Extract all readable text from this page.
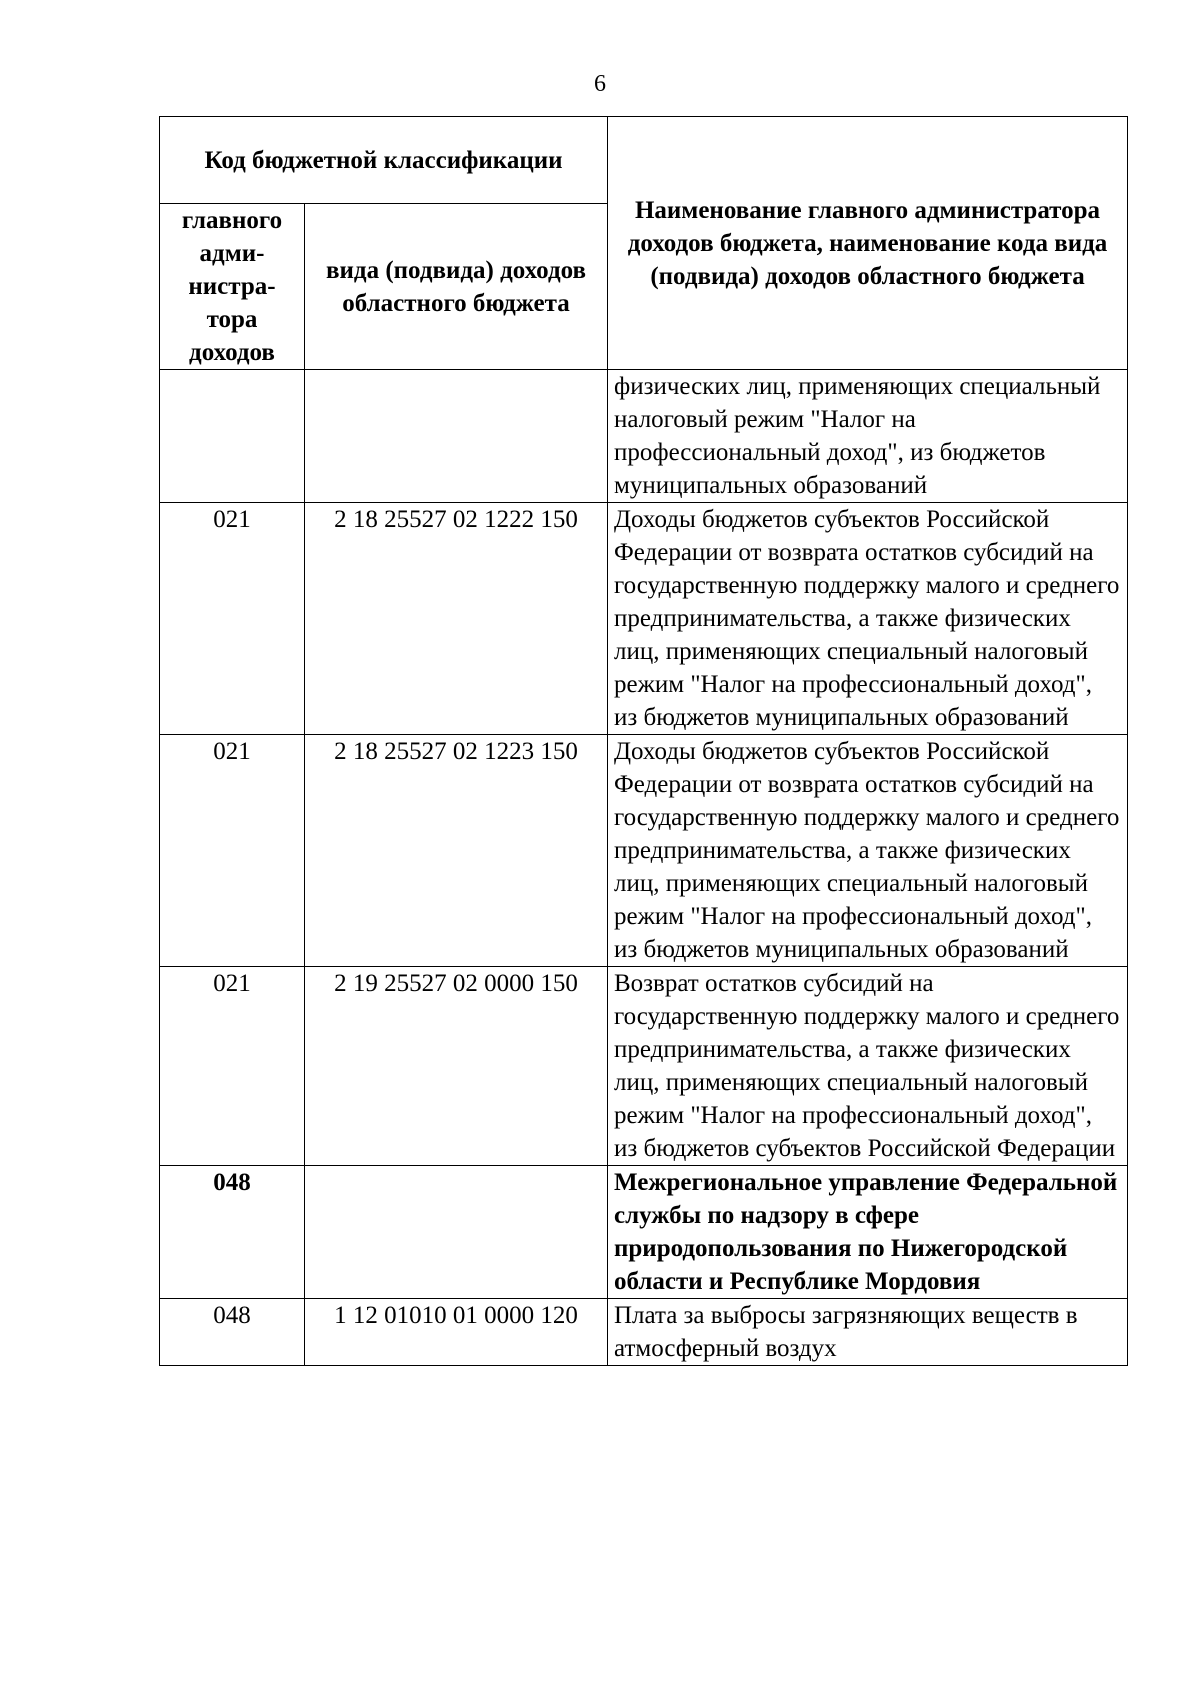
6
Код бюджетной классификации		Наименование главного администратора доходов бюджета, наименование кода вида (подвида) доходов областного бюджета
главного
адми-
нистра-
тора
доходов	вида (подвида) доходов областного бюджета	
		физических лиц, применяющих специальный налоговый режим "Налог на профессиональный доход", из бюджетов муниципальных образований
021	2 18 25527 02 1222 150	Доходы бюджетов субъектов Российской Федерации от возврата остатков субсидий на государственную поддержку малого и среднего предпринимательства, а также физических лиц, применяющих специальный налоговый режим "Налог на профессиональный доход", из бюджетов муниципальных образований
021	2 18 25527 02 1223 150	Доходы бюджетов субъектов Российской Федерации от возврата остатков субсидий на государственную поддержку малого и среднего предпринимательства, а также физических лиц, применяющих специальный налоговый режим "Налог на профессиональный доход", из бюджетов муниципальных образований
021	2 19 25527 02 0000 150	Возврат остатков субсидий на государственную поддержку малого и среднего предпринимательства, а также физических лиц, применяющих специальный налоговый режим "Налог на профессиональный доход", из бюджетов субъектов Российской Федерации
048		Межрегиональное управление Федеральной службы по надзору в сфере природопользования по Нижегородской области и Республике Мордовия
048	1 12 01010 01 0000 120	Плата за выбросы загрязняющих веществ в атмосферный воздух
